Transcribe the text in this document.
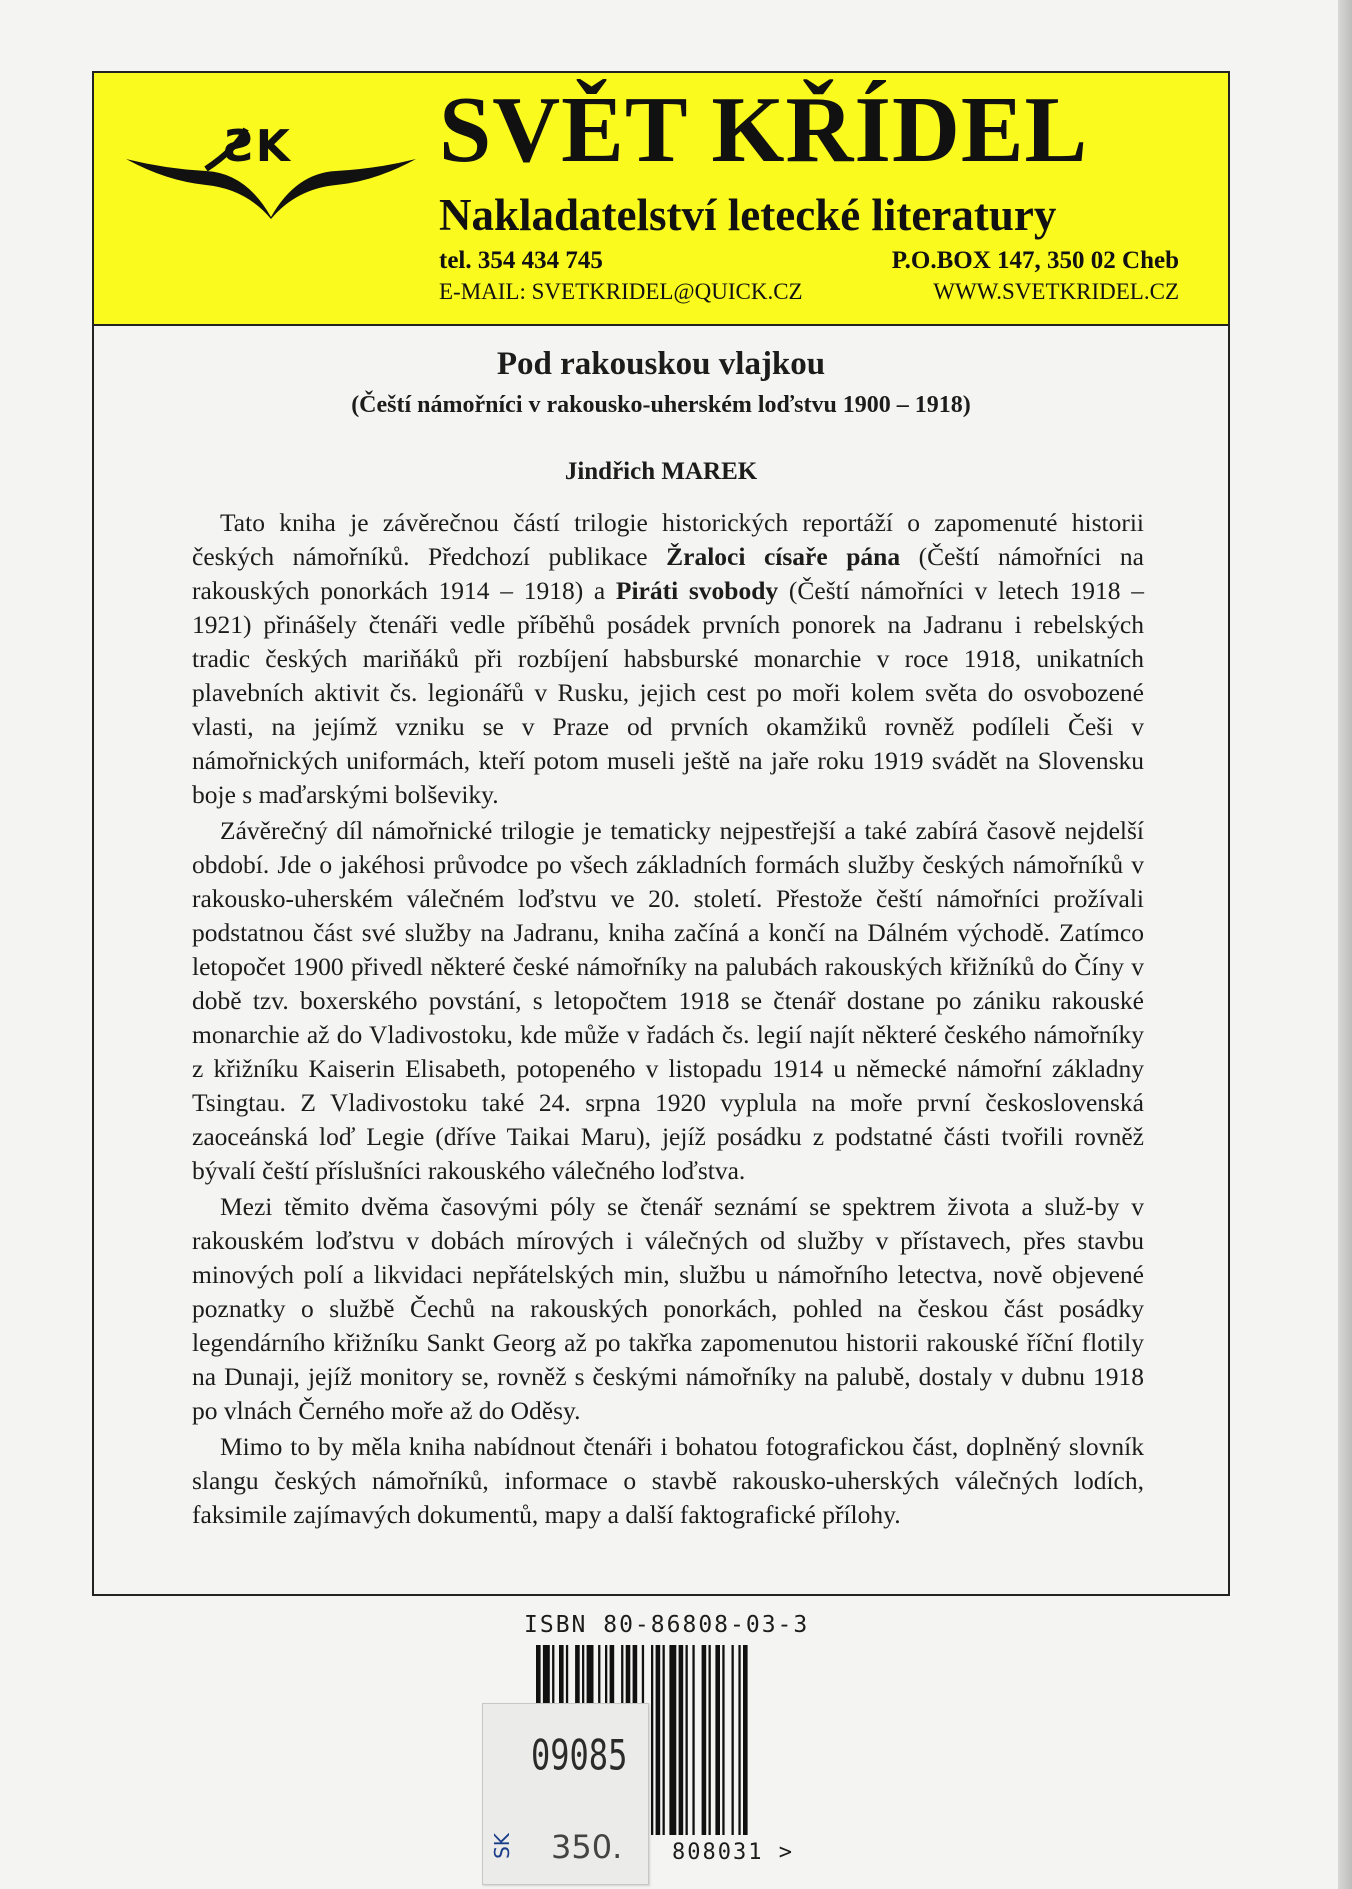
ƧK SVĚT KŘÍDEL
Nakladatelství letecké literatury
tel. 354 434 745	P.O.BOX 147, 350 02 Cheb
E-MAIL: SVETKRIDEL@QUICK.CZ	WWW.SVETKRIDEL.CZ
Pod rakouskou vlajkou
(Čeští námořníci v rakousko-uherském loďstvu 1900 – 1918)
Jindřich MAREK

Tato kniha je závěrečnou částí trilogie historických reportáží o zapomenuté historii českých námořníků. Předchozí publikace Žraloci císaře pána (Čeští námořníci na rakouských ponorkách 1914 – 1918) a Piráti svobody (Čeští námořníci v letech 1918 – 1921) přinášely čtenáři vedle příběhů posádek prvních ponorek na Jadranu i rebelských tradic českých mariňáků při rozbíjení habsburské monarchie v roce 1918, unikatních plavebních aktivit čs. legionářů v Rusku, jejich cest po moři kolem světa do osvobozené vlasti, na jejímž vzniku se v Praze od prvních okamžiků rovněž podíleli Češi v námořnických uniformách, kteří potom museli ještě na jaře roku 1919 svádět na Slovensku boje s maďarskými bolševiky.

Závěrečný díl námořnické trilogie je tematicky nejpestřejší a také zabírá časově nejdelší období. Jde o jakéhosi průvodce po všech základních formách služby českých námořníků v rakousko-uherském válečném loďstvu ve 20. století. Přestože čeští námořníci prožívali podstatnou část své služby na Jadranu, kniha začíná a končí na Dálném východě. Zatímco letopočet 1900 přivedl některé české námořníky na palubách rakouských křižníků do Číny v době tzv. boxerského povstání, s letopočtem 1918 se čtenář dostane po zániku rakouské monarchie až do Vladivostoku, kde může v řadách čs. legií najít některé českého námořníky z křižníku Kaiserin Elisabeth, potopeného v listopadu 1914 u německé námořní základny Tsingtau. Z Vladivostoku také 24. srpna 1920 vyplula na moře první československá zaoceánská loď Legie (dříve Taikai Maru), jejíž posádku z podstatné části tvořili rovněž bývalí čeští příslušníci rakouského válečného loďstva.

Mezi těmito dvěma časovými póly se čtenář seznámí se spektrem života a služ-by v rakouském loďstvu v dobách mírových i válečných od služby v přístavech, přes stavbu minových polí a likvidaci nepřátelských min, službu u námořního letectva, nově objevené poznatky o službě Čechů na rakouských ponorkách, pohled na českou část posádky legendárního křižníku Sankt Georg až po takřka zapomenutou historii rakouské říční flotily na Dunaji, jejíž monitory se, rovněž s českými námořníky na palubě, dostaly v dubnu 1918 po vlnách Černého moře až do Oděsy.

Mimo to by měla kniha nabídnout čtenáři i bohatou fotografickou část, doplněný slovník slangu českých námořníků, informace o stavbě rakousko-uherských válečných lodích, faksimile zajímavých dokumentů, mapy a další faktografické přílohy.

ISBN 80-86808-03-3
808031 >
09085
350.
SK
